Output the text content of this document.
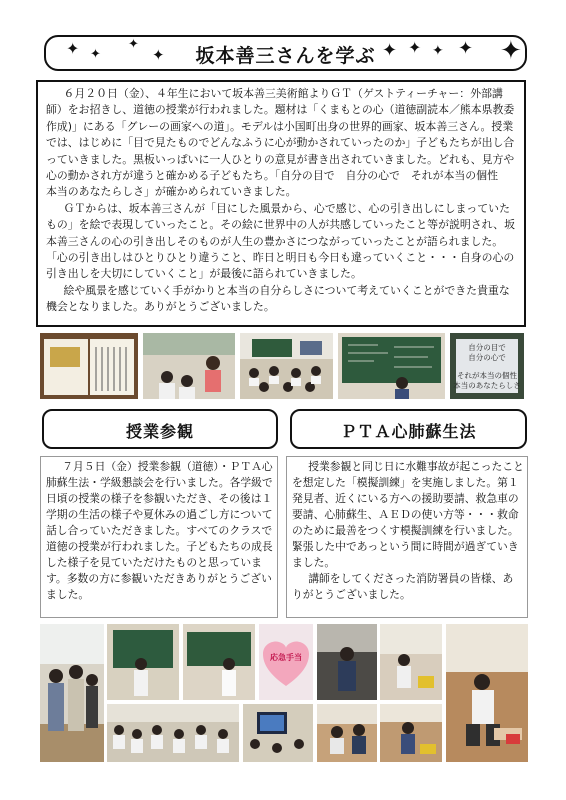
坂本善三さんを学ぶ
✦ ✦
✦
✦	✦ ✦ ✦ ✦ ✦

６月２０日（金）、４年生において坂本善三美術館よりＧＴ（ゲストティーチャー：外部講師）をお招きし、道徳の授業が行われました。題材は「くまもとの心（道徳副読本／熊本県教委作成)」にある「グレーの画家への道」。モデルは小国町出身の世界的画家、坂本善三さん。授業では、はじめに「目で見たものでどんなふうに心が動かされていったのか」子どもたちが出し合っていきました。黒板いっぱいに一人ひとりの意見が書き出されていきました。どれも、見方や心の動かされ方が違うと確かめる子どもたち。「自分の目で　自分の心で　それが本当の個性　本当のあなたらしさ」が確かめられていきました。

ＧＴからは、坂本善三さんが「目にした風景から、心で感じ、心の引き出しにしまっていたもの」を絵で表現していったこと。その絵に世界中の人が共感していったこと等が説明され、坂本善三さんの心の引き出しそのものが人生の豊かさにつながっていったことが語られました。「心の引き出しはひとりひとり違うこと、昨日と明日も今日も違っていくこと・・・自身の心の引き出しを大切にしていくこと」が最後に語られていきました。

絵や風景を感じていく手がかりと本当の自分らしさについて考えていくことができた貴重な機会となりました。ありがとうございました。

自分の目で
自分の心で
それが本当の個性
本当のあなたらしさ
授業参観	ＰＴＡ心肺蘇生法

７月５日（金）授業参観（道徳）・ＰＴＡ心肺蘇生法・学級懇談会を行いました。各学級で日頃の授業の様子を参観いただき、その後は１学期の生活の様子や夏休みの過ごし方について話し合っていただきました。すべてのクラスで道徳の授業が行われました。子どもたちの成長した様子を見ていただけたものと思っています。多数の方に参観いただきありがとうございました。

授業参観と同じ日に水難事故が起こったことを想定した「模擬訓練」を実施しました。第１発見者、近くにいる方への援助要請、救急車の要請、心肺蘇生、ＡＥＤの使い方等・・・救命のために最善をつくす模擬訓練を行いました。緊張した中であっという間に時間が過ぎていきました。

講師をしてくださった消防署員の皆様、ありがとうございました。

応急手当
